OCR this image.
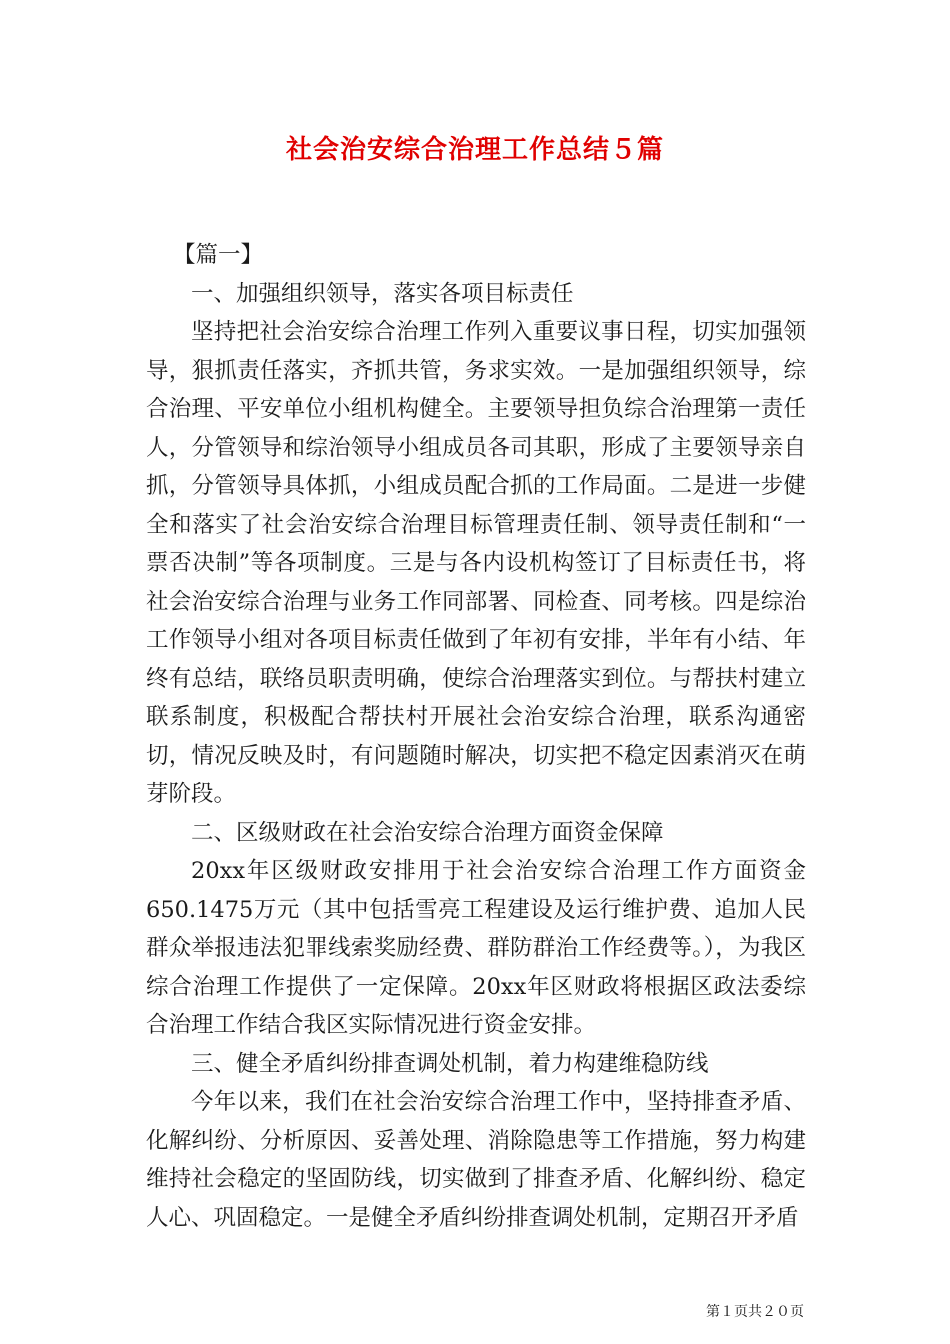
社会治安综合治理工作总结５篇

【篇一】

一、加强组织领导，落实各项目标责任

坚持把社会治安综合治理工作列入重要议事日程，切实加强领导，狠抓责任落实，齐抓共管，务求实效。一是加强组织领导，综合治理、平安单位小组机构健全。主要领导担负综合治理第一责任人，分管领导和综治领导小组成员各司其职，形成了主要领导亲自抓，分管领导具体抓，小组成员配合抓的工作局面。二是进一步健全和落实了社会治安综合治理目标管理责任制、领导责任制和“一票否决制”等各项制度。三是与各内设机构签订了目标责任书，将社会治安综合治理与业务工作同部署、同检查、同考核。四是综治工作领导小组对各项目标责任做到了年初有安排，半年有小结、年终有总结，联络员职责明确，使综合治理落实到位。与帮扶村建立联系制度，积极配合帮扶村开展社会治安综合治理，联系沟通密切，情况反映及时，有问题随时解决，切实把不稳定因素消灭在萌芽阶段。

二、区级财政在社会治安综合治理方面资金保障

20xx年区级财政安排用于社会治安综合治理工作方面资金650.1475万元（其中包括雪亮工程建设及运行维护费、追加人民群众举报违法犯罪线索奖励经费、群防群治工作经费等。），为我区综合治理工作提供了一定保障。20xx年区财政将根据区政法委综合治理工作结合我区实际情况进行资金安排。

三、健全矛盾纠纷排查调处机制，着力构建维稳防线

今年以来，我们在社会治安综合治理工作中，坚持排查矛盾、化解纠纷、分析原因、妥善处理、消除隐患等工作措施，努力构建维持社会稳定的坚固防线，切实做到了排查矛盾、化解纠纷、稳定人心、巩固稳定。一是健全矛盾纠纷排查调处机制，定期召开矛盾

第１页共２０页
